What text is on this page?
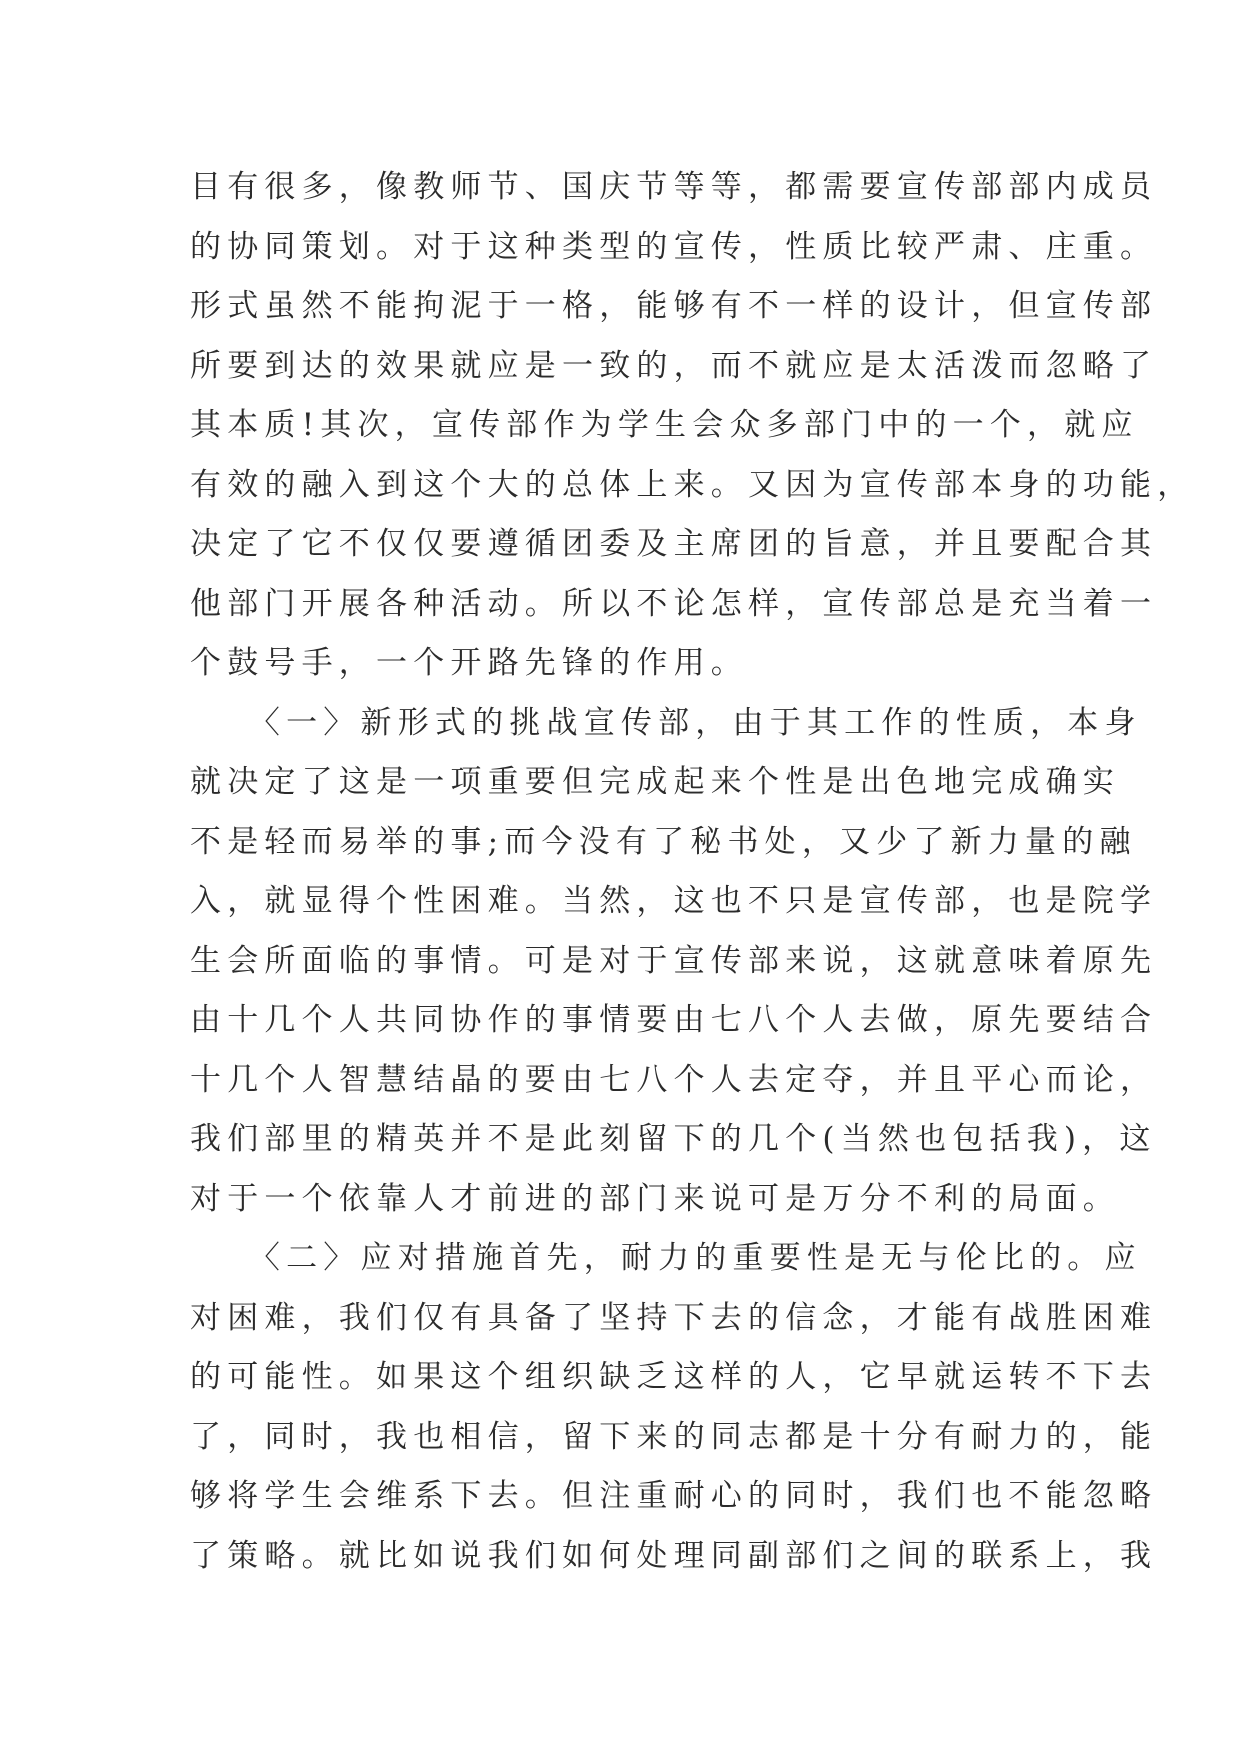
目有很多，像教师节、国庆节等等，都需要宣传部部内成员
的协同策划。对于这种类型的宣传，性质比较严肃、庄重。
形式虽然不能拘泥于一格，能够有不一样的设计，但宣传部
所要到达的效果就应是一致的，而不就应是太活泼而忽略了
其本质!其次，宣传部作为学生会众多部门中的一个，就应
有效的融入到这个大的总体上来。又因为宣传部本身的功能，
决定了它不仅仅要遵循团委及主席团的旨意，并且要配合其
他部门开展各种活动。所以不论怎样，宣传部总是充当着一
个鼓号手，一个开路先锋的作用。
　　〈一〉新形式的挑战宣传部，由于其工作的性质，本身
就决定了这是一项重要但完成起来个性是出色地完成确实
不是轻而易举的事;而今没有了秘书处，又少了新力量的融
入，就显得个性困难。当然，这也不只是宣传部，也是院学
生会所面临的事情。可是对于宣传部来说，这就意味着原先
由十几个人共同协作的事情要由七八个人去做，原先要结合
十几个人智慧结晶的要由七八个人去定夺，并且平心而论，
我们部里的精英并不是此刻留下的几个(当然也包括我)，这
对于一个依靠人才前进的部门来说可是万分不利的局面。
　　〈二〉应对措施首先，耐力的重要性是无与伦比的。应
对困难，我们仅有具备了坚持下去的信念，才能有战胜困难
的可能性。如果这个组织缺乏这样的人，它早就运转不下去
了，同时，我也相信，留下来的同志都是十分有耐力的，能
够将学生会维系下去。但注重耐心的同时，我们也不能忽略
了策略。就比如说我们如何处理同副部们之间的联系上，我
